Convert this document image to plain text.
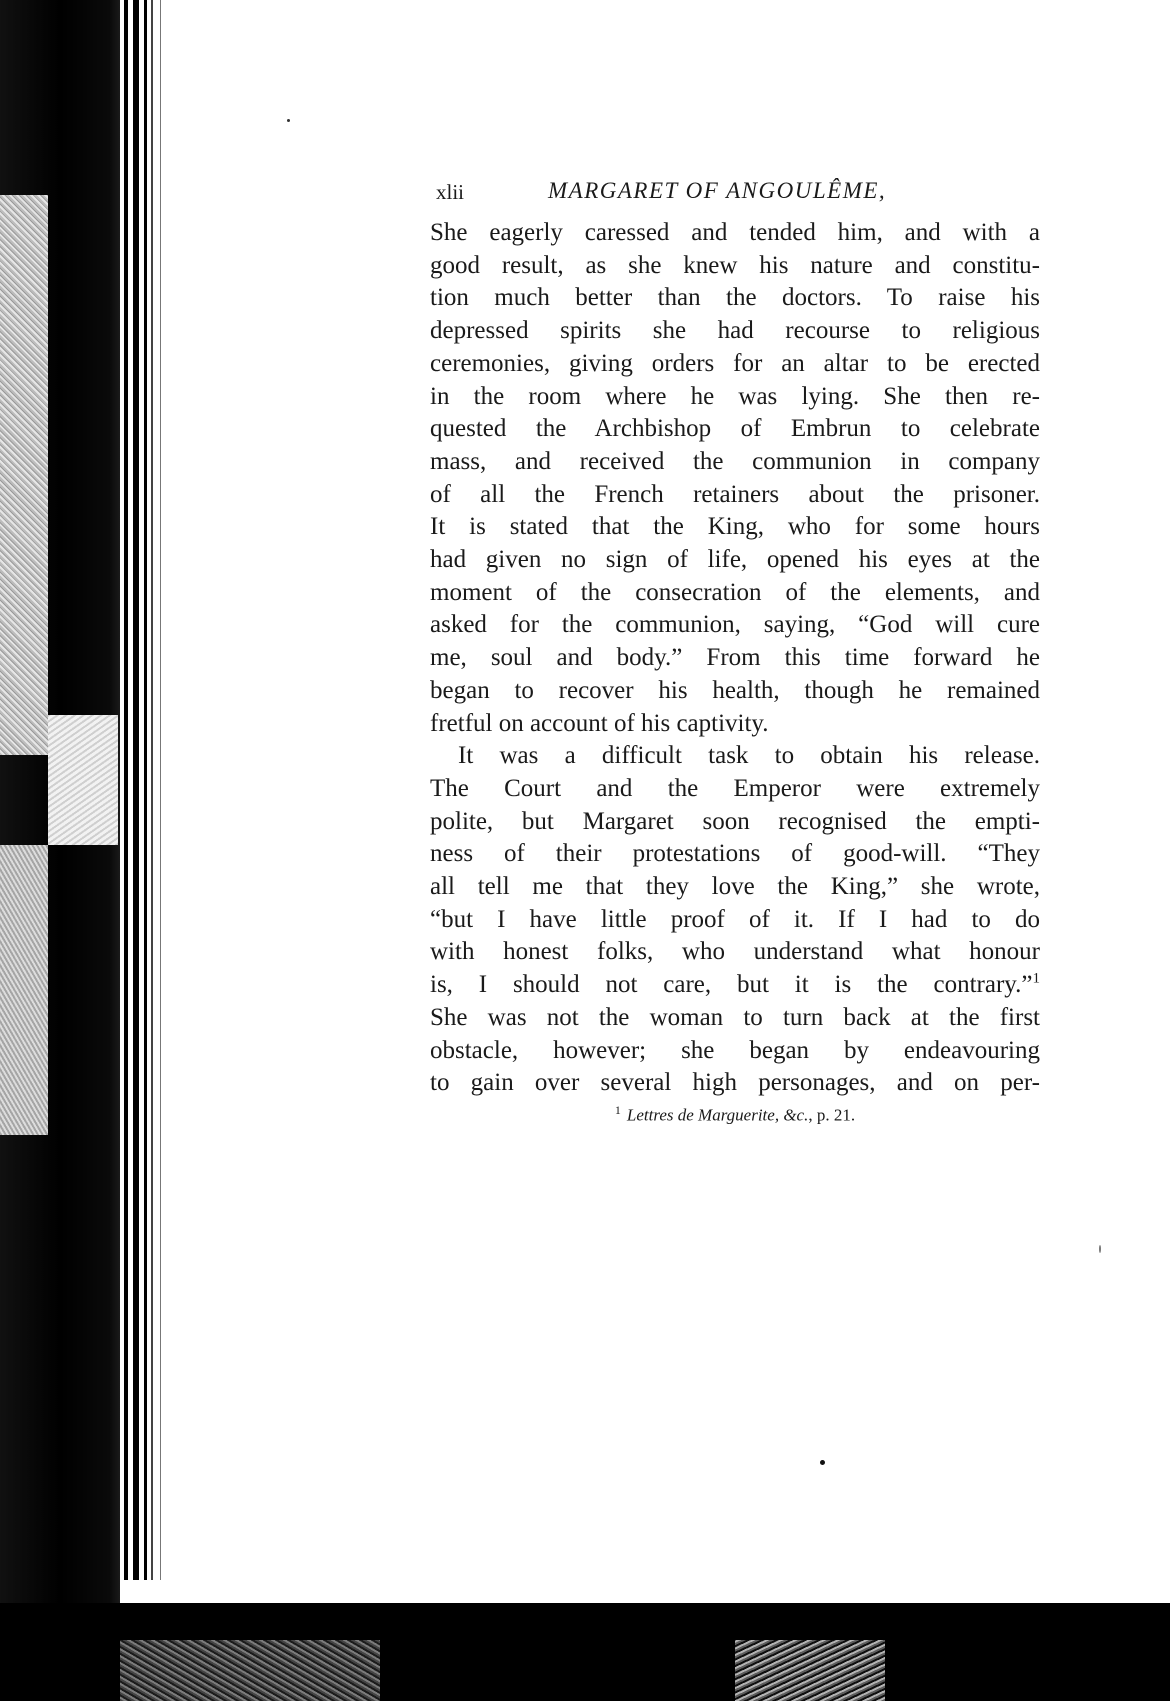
xlii	MARGARET OF ANGOULÊME,
She eagerly caressed and tended him, and with a
good result, as she knew his nature and constitu-
tion much better than the doctors. To raise his
depressed spirits she had recourse to religious
ceremonies, giving orders for an altar to be erected
in the room where he was lying. She then re-
quested the Archbishop of Embrun to celebrate
mass, and received the communion in company
of all the French retainers about the prisoner.
It is stated that the King, who for some hours
had given no sign of life, opened his eyes at the
moment of the consecration of the elements, and
asked for the communion, saying, “God will cure
me, soul and body.” From this time forward he
began to recover his health, though he remained
fretful on account of his captivity.
It was a difficult task to obtain his release.
The Court and the Emperor were extremely
polite, but Margaret soon recognised the empti-
ness of their protestations of good-will. “They
all tell me that they love the King,” she wrote,
“but I have little proof of it. If I had to do
with honest folks, who understand what honour
is, I should not care, but it is the contrary.”$^1$
She was not the woman to turn back at the first
obstacle, however; she began by endeavouring
to gain over several high personages, and on per-
$^1$ Lettres de Marguerite, &c., p. 21.
